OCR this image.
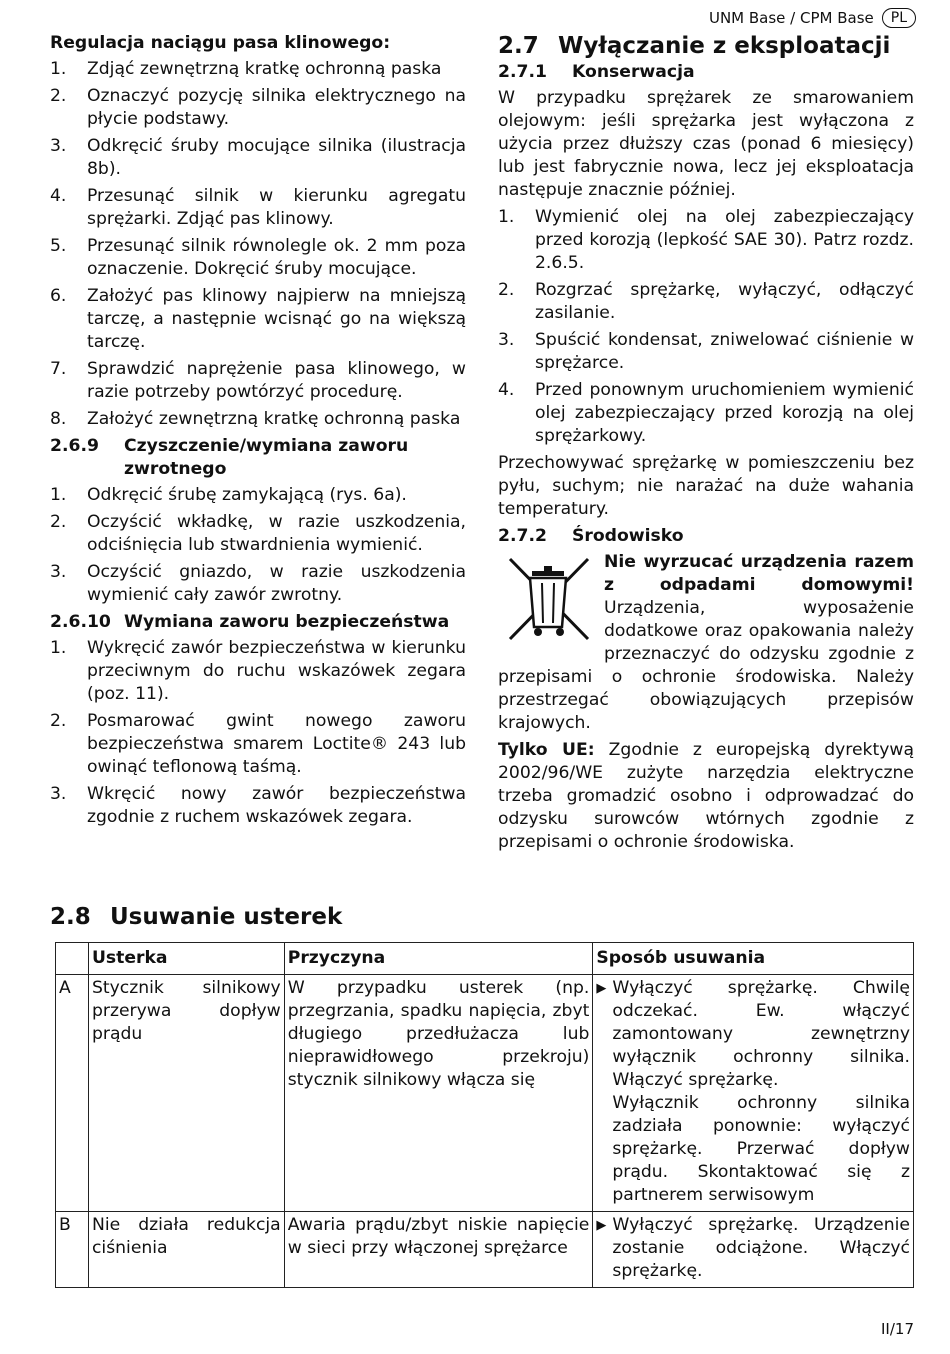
UNM Base / CPM Base	PL
Regulacja naciągu pasa klinowego:
1.	Zdjąć zewnętrzną kratkę ochronną paska
2.	Oznaczyć pozycję silnika elektrycznego na płycie podstawy.
3.	Odkręcić śruby mocujące silnika (ilustracja 8b).
4.	Przesunąć silnik w kierunku agregatu sprężarki. Zdjąć pas klinowy.
5.	Przesunąć silnik równolegle ok. 2 mm poza oznaczenie. Dokręcić śruby mocujące.
6.	Założyć pas klinowy najpierw na mniejszą tarczę, a następnie wcisnąć go na większą tarczę.
7.	Sprawdzić naprężenie pasa klinowego, w razie potrzeby powtórzyć procedurę.
8.	Założyć zewnętrzną kratkę ochronną paska
2.6.9	Czyszczenie/wymiana zaworu zwrotnego
1.	Odkręcić śrubę zamykającą (rys. 6a).
2.	Oczyścić wkładkę, w razie uszkodzenia, odciśnięcia lub stwardnienia wymienić.
3.	Oczyścić gniazdo, w razie uszkodzenia wymienić cały zawór zwrotny.
2.6.10 Wymiana zaworu bezpieczeństwa
1.	Wykręcić zawór bezpieczeństwa w kierunku przeciwnym do ruchu wskazówek zegara (poz. 11).
2.	Posmarować gwint nowego zaworu bezpieczeństwa smarem Loctite® 243 lub owinąć teflonową taśmą.
3.	Wkręcić nowy zawór bezpieczeństwa zgodnie z ruchem wskazówek zegara.
2.7 Wyłączanie z eksploatacji
2.7.1	Konserwacja
W przypadku sprężarek ze smarowaniem olejowym: jeśli sprężarka jest wyłączona z użycia przez dłuższy czas (ponad 6 miesięcy) lub jest fabrycznie nowa, lecz jej eksploatacja następuje znacznie później.
1.	Wymienić olej na olej zabezpieczający przed korozją (lepkość SAE 30). Patrz rozdz. 2.6.5.
2.	Rozgrzać sprężarkę, wyłączyć, odłączyć zasilanie.
3.	Spuścić kondensat, zniwelować ciśnienie w sprężarce.
4.	Przed ponownym uruchomieniem wymienić olej zabezpieczający przed korozją na olej sprężarkowy.
Przechowywać sprężarkę w pomieszczeniu bez pyłu, suchym; nie narażać na duże wahania temperatury.
2.7.2	Środowisko
Nie wyrzucać urządzenia razem z odpadami domowymi! Urządzenia, wyposażenie dodatkowe oraz opakowania należy przeznaczyć do odzysku zgodnie z przepisami o ochronie środowiska. Należy przestrzegać obowiązujących przepisów krajowych.
Tylko UE: Zgodnie z europejską dyrektywą 2002/96/WE zużyte narzędzia elektryczne trzeba gromadzić osobno i odprowadzać do odzysku surowców wtórnych zgodnie z przepisami o ochronie środowiska.
2.8 Usuwanie usterek
	Usterka	Przyczyna	Sposób usuwania
A	Stycznik silnikowy przerywa dopływ prądu	W przypadku usterek (np. przegrzania, spadku napięcia, zbyt długiego przedłużacza lub nieprawidłowego przekroju) stycznik silnikowy włącza się	▶ Wyłączyć sprężarkę. Chwilę odczekać. Ew. włączyć zamontowany zewnętrzny wyłącznik ochronny silnika. Włączyć sprężarkę.
Wyłącznik ochronny silnika zadziała ponownie: wyłączyć sprężarkę. Przerwać dopływ prądu. Skontaktować się z partnerem serwisowym

B	Nie działa redukcja ciśnienia	Awaria prądu/zbyt niskie napięcie w sieci przy włączonej sprężarce	▶ Wyłączyć sprężarkę. Urządzenie zostanie odciążone. Włączyć sprężarkę.
II/17
